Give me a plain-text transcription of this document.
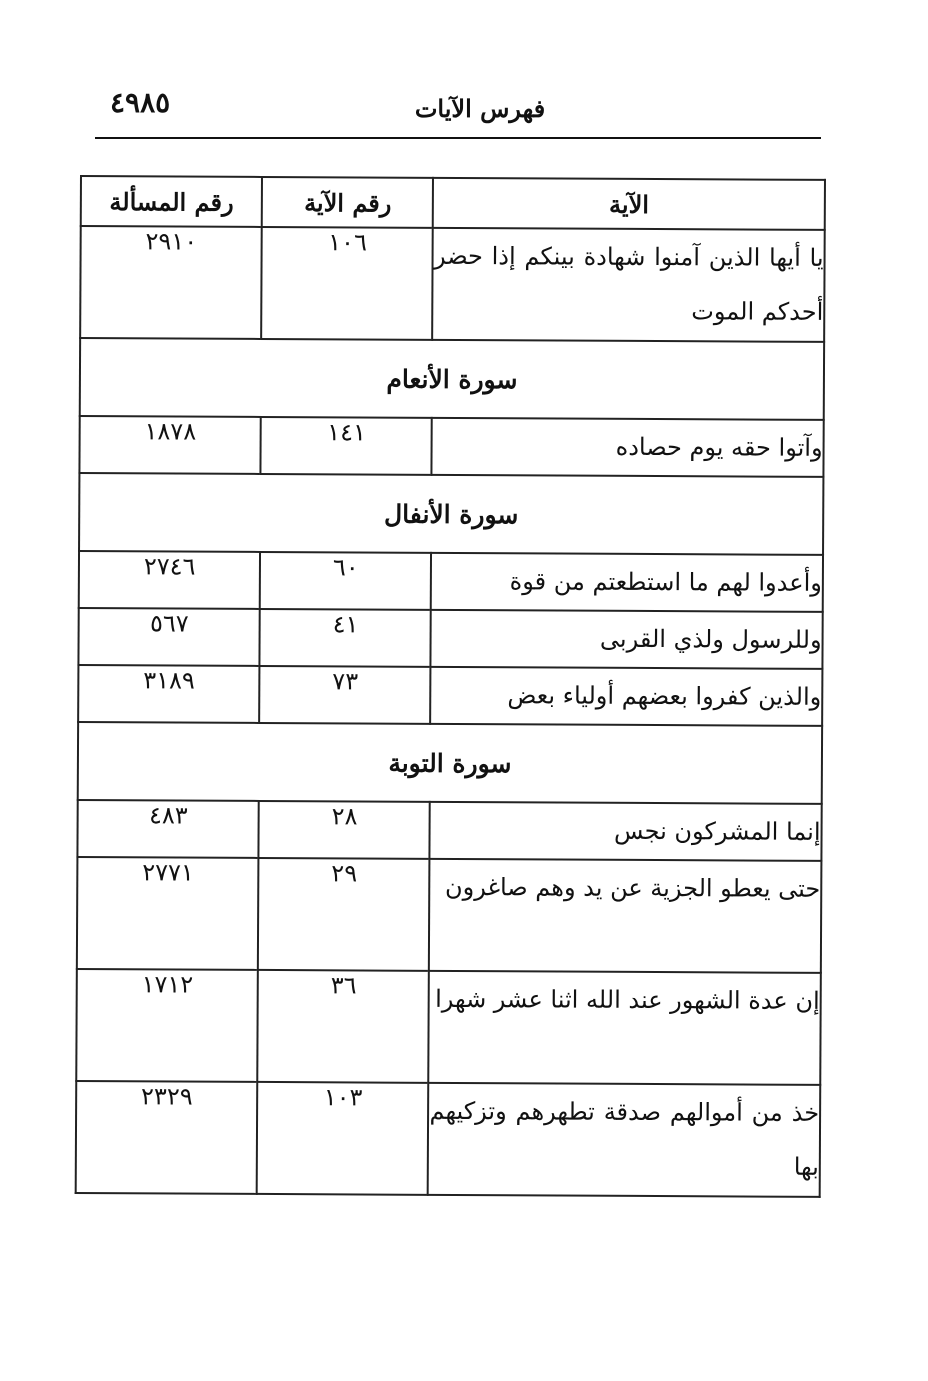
٤٩٨٥	فهرس الآيات
الآية	رقم الآية	رقم المسألة
يا أيها الذين آمنوا شهادة بينكم إذا حضر أحدكم الموت	١٠٦	٢٩١٠
سورة الأنعام		
وآتوا حقه يوم حصاده	١٤١	١٨٧٨
سورة الأنفال		
وأعدوا لهم ما استطعتم من قوة	٦٠	٢٧٤٦
وللرسول ولذي القربى	٤١	٥٦٧
والذين كفروا بعضهم أولياء بعض	٧٣	٣١٨٩
سورة التوبة		
إنما المشركون نجس	٢٨	٤٨٣
حتى يعطو الجزية عن يد وهم صاغرون	٢٩	٢٧٧١
إن عدة الشهور عند الله اثنا عشر شهرا	٣٦	١٧١٢
خذ من أموالهم صدقة تطهرهم وتزكيهم بها	١٠٣	٢٣٢٩
